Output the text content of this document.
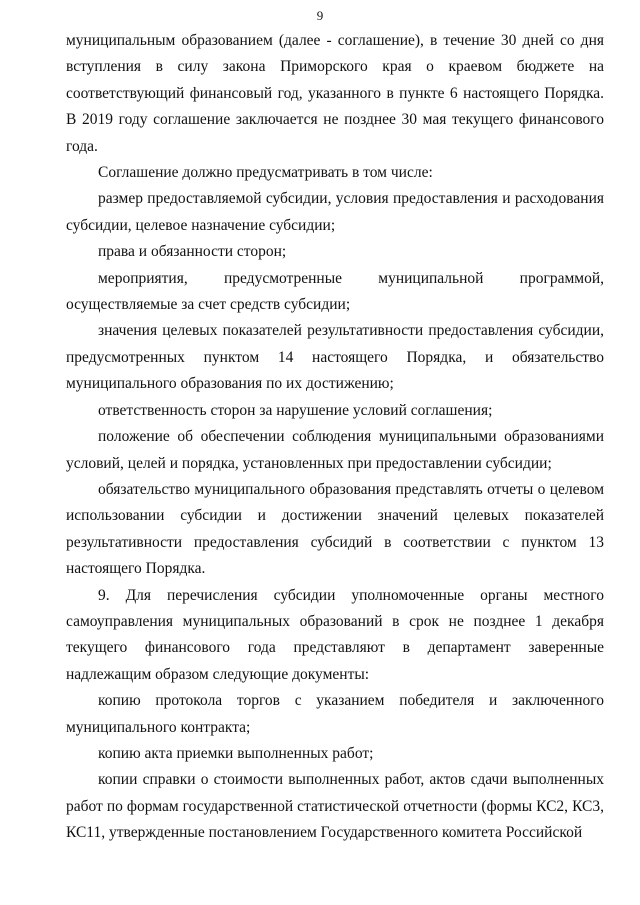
9

муниципальным образованием (далее - соглашение), в течение 30 дней со дня вступления в силу закона Приморского края о краевом бюджете на соответствующий финансовый год, указанного в пункте 6 настоящего Порядка. В 2019 году соглашение заключается не позднее 30 мая текущего финансового года.

Соглашение должно предусматривать в том числе:

размер предоставляемой субсидии, условия предоставления и расходования субсидии, целевое назначение субсидии;

права и обязанности сторон;

мероприятия, предусмотренные муниципальной программой, осуществляемые за счет средств субсидии;

значения целевых показателей результативности предоставления субсидии, предусмотренных пунктом 14 настоящего Порядка, и обязательство муниципального образования по их достижению;

ответственность сторон за нарушение условий соглашения;

положение об обеспечении соблюдения муниципальными образованиями условий, целей и порядка, установленных при предоставлении субсидии;

обязательство муниципального образования представлять отчеты о целевом использовании субсидии и достижении значений целевых показателей результативности предоставления субсидий в соответствии с пунктом 13 настоящего Порядка.

9. Для перечисления субсидии уполномоченные органы местного самоуправления муниципальных образований в срок не позднее 1 декабря текущего финансового года представляют в департамент заверенные надлежащим образом следующие документы:

копию протокола торгов с указанием победителя и заключенного муниципального контракта;

копию акта приемки выполненных работ;

копии справки о стоимости выполненных работ, актов сдачи выполненных работ по формам государственной статистической отчетности (формы КС2, КС3, КС11, утвержденные постановлением Государственного комитета Российской
